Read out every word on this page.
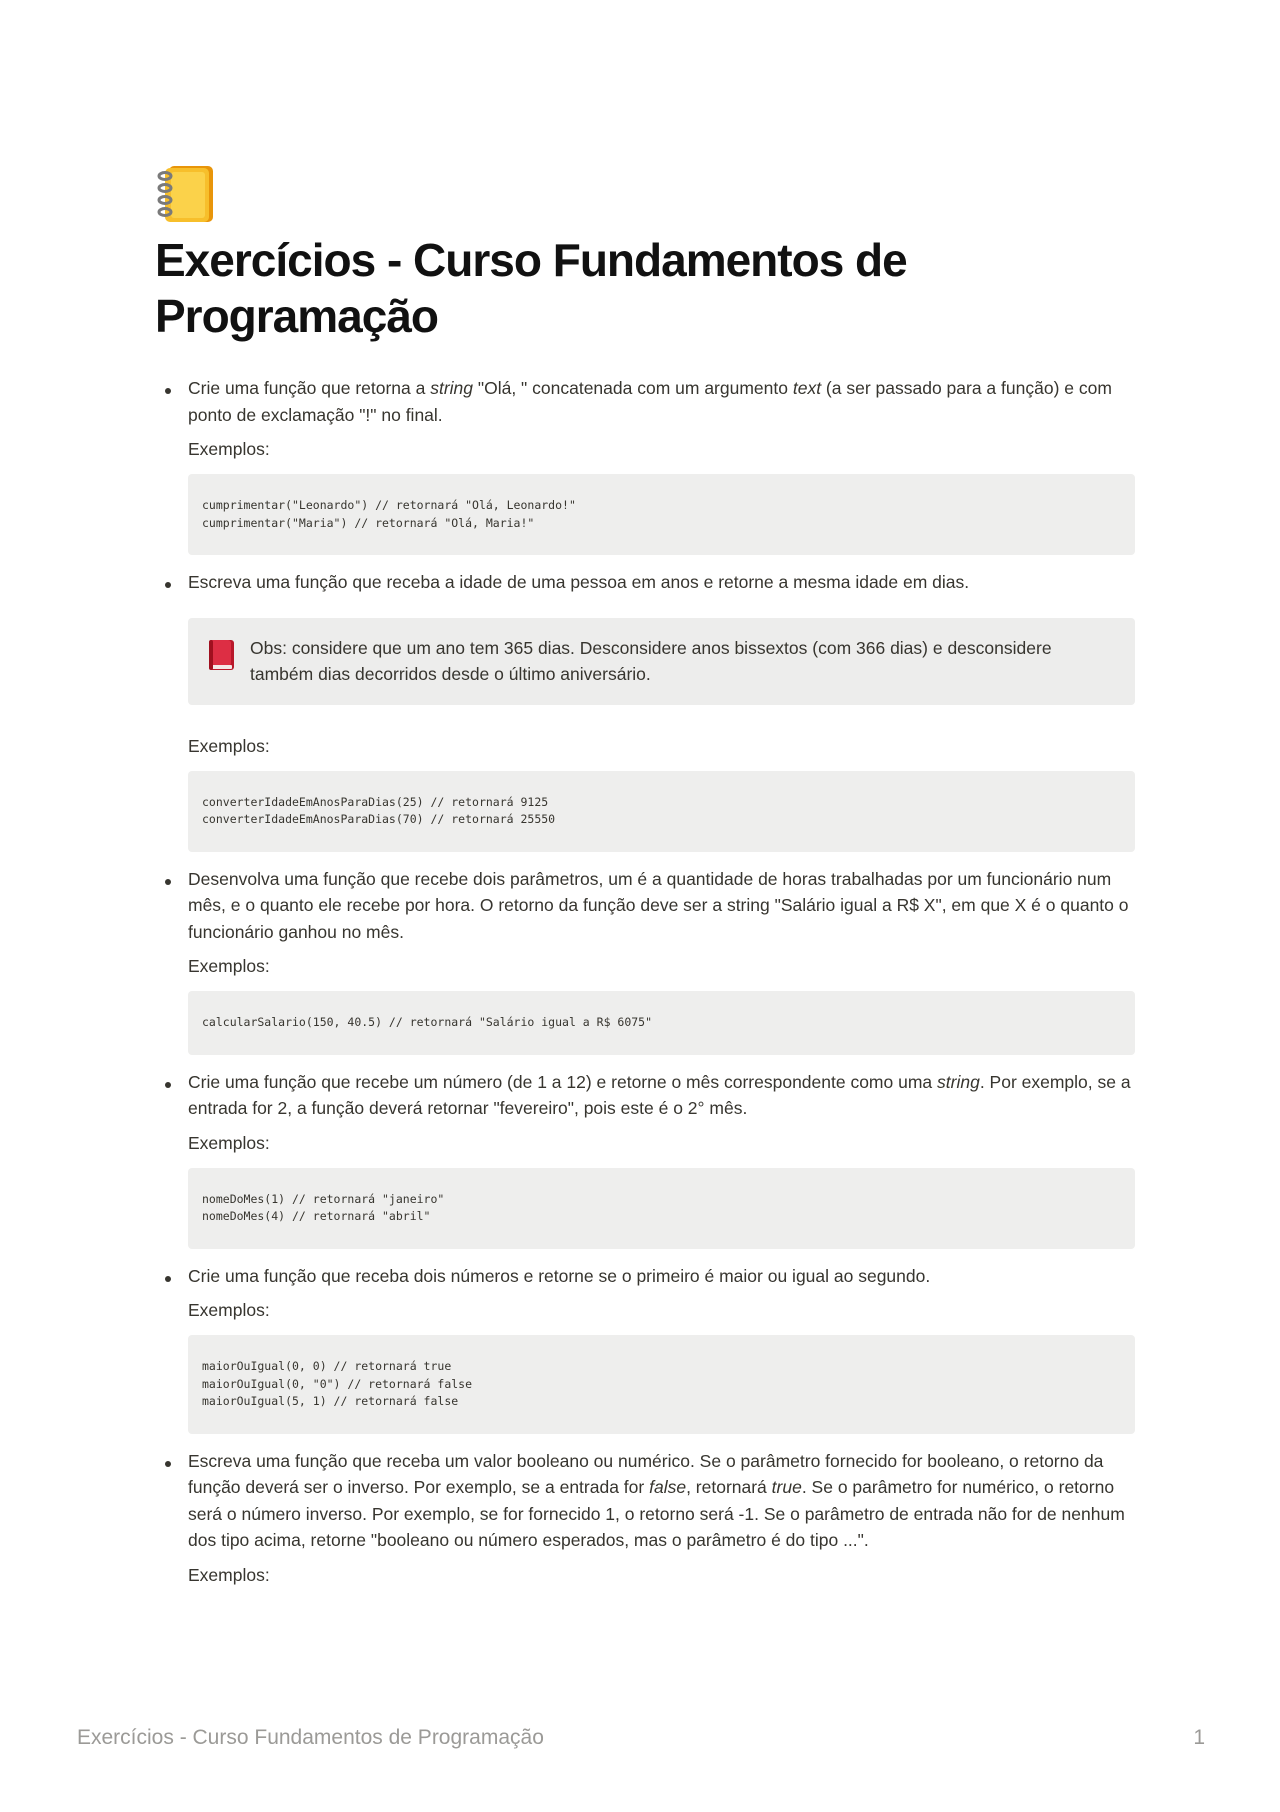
Exercícios - Curso Fundamentos de Programação

Crie uma função que retorna a string "Olá, " concatenada com um argumento text (a ser passado para a função) e com ponto de exclamação "!" no final.

Exemplos:

cumprimentar("Leonardo") // retornará "Olá, Leonardo!"
cumprimentar("Maria") // retornará "Olá, Maria!"

Escreva uma função que receba a idade de uma pessoa em anos e retorne a mesma idade em dias.

Obs: considere que um ano tem 365 dias. Desconsidere anos bissextos (com 366 dias) e desconsidere também dias decorridos desde o último aniversário.

Exemplos:

converterIdadeEmAnosParaDias(25) // retornará 9125
converterIdadeEmAnosParaDias(70) // retornará 25550

Desenvolva uma função que recebe dois parâmetros, um é a quantidade de horas trabalhadas por um funcionário num mês, e o quanto ele recebe por hora. O retorno da função deve ser a string "Salário igual a R$ X", em que X é o quanto o funcionário ganhou no mês.

Exemplos:

calcularSalario(150, 40.5) // retornará "Salário igual a R$ 6075"

Crie uma função que recebe um número (de 1 a 12) e retorne o mês correspondente como uma string. Por exemplo, se a entrada for 2, a função deverá retornar "fevereiro", pois este é o 2° mês.

Exemplos:

nomeDoMes(1) // retornará "janeiro"
nomeDoMes(4) // retornará "abril"

Crie uma função que receba dois números e retorne se o primeiro é maior ou igual ao segundo.

Exemplos:

maiorOuIgual(0, 0) // retornará true
maiorOuIgual(0, "0") // retornará false
maiorOuIgual(5, 1) // retornará false

Escreva uma função que receba um valor booleano ou numérico. Se o parâmetro fornecido for booleano, o retorno da função deverá ser o inverso. Por exemplo, se a entrada for false, retornará true. Se o parâmetro for numérico, o retorno será o número inverso. Por exemplo, se for fornecido 1, o retorno será -1. Se o parâmetro de entrada não for de nenhum dos tipo acima, retorne "booleano ou número esperados, mas o parâmetro é do tipo ...".

Exemplos:

Exercícios - Curso Fundamentos de Programação	1
